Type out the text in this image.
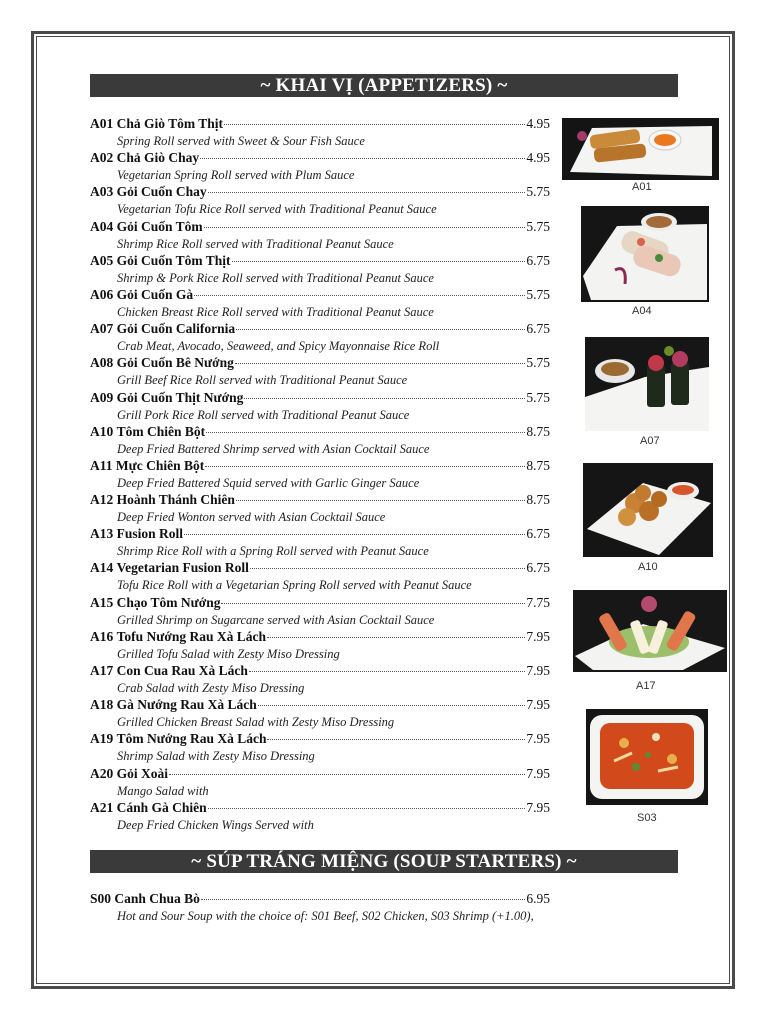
~ KHAI VỊ (APPETIZERS) ~
A01
Chả Giò Tôm Thịt	4.95
Spring Roll served with Sweet & Sour Fish Sauce
A02
Chả Giò Chay	4.95
Vegetarian Spring Roll served with Plum Sauce
A03
Gỏi Cuốn Chay	5.75
Vegetarian Tofu Rice Roll served with Traditional Peanut Sauce
A04
Gỏi Cuốn Tôm	5.75
Shrimp Rice Roll served with Traditional Peanut Sauce
A05
Gỏi Cuốn Tôm Thịt	6.75
Shrimp & Pork Rice Roll served with Traditional Peanut Sauce
A06
Gỏi Cuốn Gà	5.75
Chicken Breast Rice Roll served with Traditional Peanut Sauce
A07
Gỏi Cuốn California	6.75
Crab Meat, Avocado, Seaweed, and Spicy Mayonnaise Rice Roll
A08
Gỏi Cuốn Bê Nướng	5.75
Grill Beef Rice Roll served with Traditional Peanut Sauce
A09
Gỏi Cuốn Thịt Nướng	5.75
Grill Pork Rice Roll served with Traditional Peanut Sauce
A10
Tôm Chiên Bột	8.75
Deep Fried Battered Shrimp served with Asian Cocktail Sauce
A11
Mực Chiên Bột	8.75
Deep Fried Battered Squid served with Garlic Ginger Sauce
A12
Hoành Thánh Chiên	8.75
Deep Fried Wonton served with Asian Cocktail Sauce
A13
Fusion Roll	6.75
Shrimp Rice Roll with a Spring Roll served with Peanut Sauce
A14
Vegetarian Fusion Roll	6.75
Tofu Rice Roll with a Vegetarian Spring Roll served with Peanut Sauce
A15
Chạo Tôm Nướng	7.75
Grilled Shrimp on Sugarcane served with Asian Cocktail Sauce
A16
Tofu Nướng Rau Xà Lách	7.95
Grilled Tofu Salad with Zesty Miso Dressing
A17
Con Cua Rau Xà Lách	7.95
Crab Salad with Zesty Miso Dressing
A18
Gà Nướng Rau Xà Lách	7.95
Grilled Chicken Breast Salad with Zesty Miso Dressing
A19
Tôm Nướng Rau Xà Lách	7.95
Shrimp Salad with Zesty Miso Dressing
A20
Gỏi Xoài	7.95
Mango Salad with
A21
Cánh Gà Chiên	7.95
Deep Fried Chicken Wings Served with
~ SÚP TRÁNG MIỆNG (SOUP STARTERS) ~
S00
Canh Chua Bò	6.95
Hot and Sour Soup with the choice of: S01 Beef, S02 Chicken, S03 Shrimp (+1.00),
A01
A04
A07
A10
A17
S03
